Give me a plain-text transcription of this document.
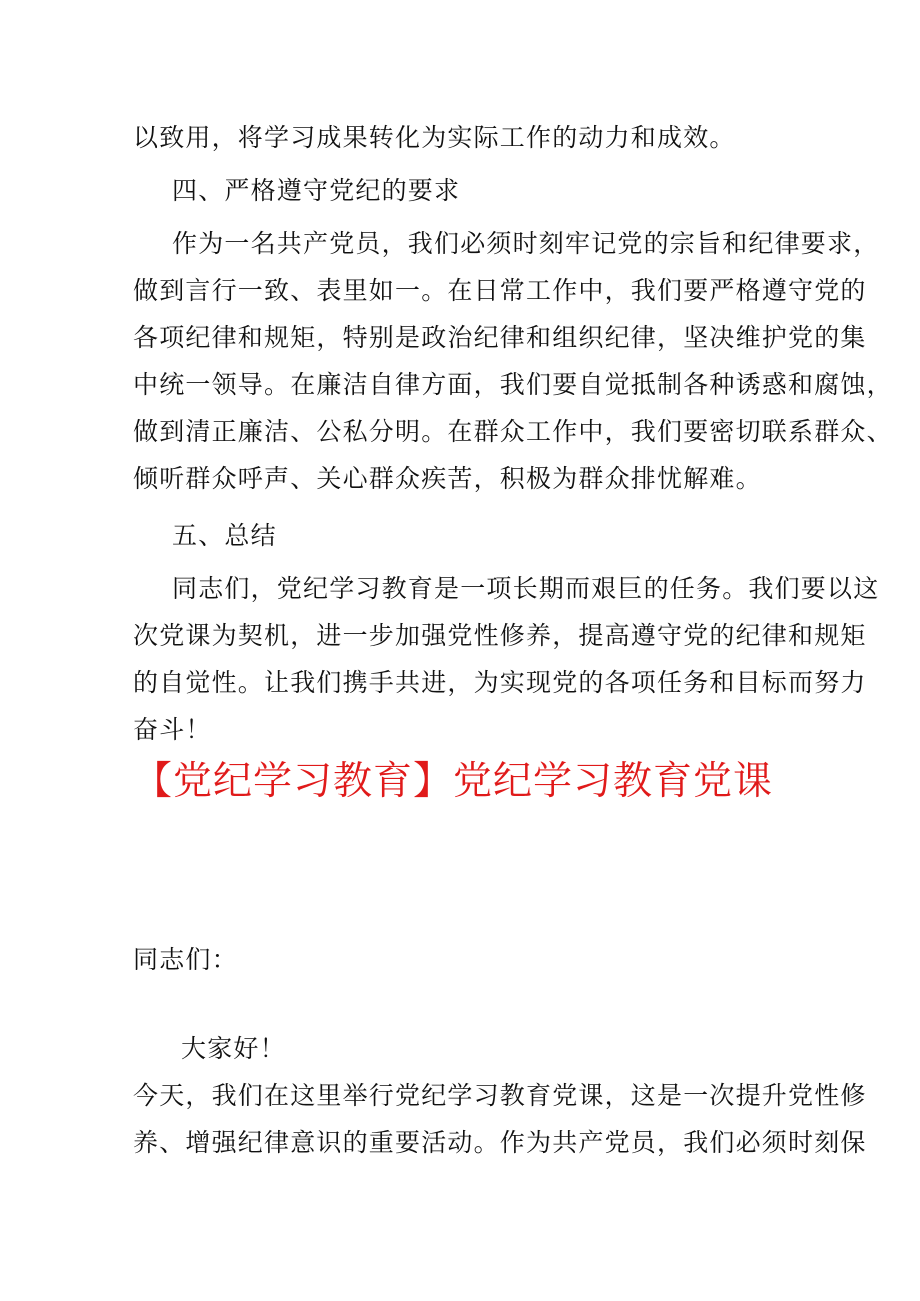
以致用，将学习成果转化为实际工作的动力和成效。

四、严格遵守党纪的要求

作为一名共产党员，我们必须时刻牢记党的宗旨和纪律要求，

做到言行一致、表里如一。在日常工作中，我们要严格遵守党的

各项纪律和规矩，特别是政治纪律和组织纪律，坚决维护党的集

中统一领导。在廉洁自律方面，我们要自觉抵制各种诱惑和腐蚀，

做到清正廉洁、公私分明。在群众工作中，我们要密切联系群众、

倾听群众呼声、关心群众疾苦，积极为群众排忧解难。

五、总结

同志们，党纪学习教育是一项长期而艰巨的任务。我们要以这

次党课为契机，进一步加强党性修养，提高遵守党的纪律和规矩

的自觉性。让我们携手共进，为实现党的各项任务和目标而努力

奋斗！

【党纪学习教育】党纪学习教育党课

同志们：

大家好！

今天，我们在这里举行党纪学习教育党课，这是一次提升党性修

养、增强纪律意识的重要活动。作为共产党员，我们必须时刻保
